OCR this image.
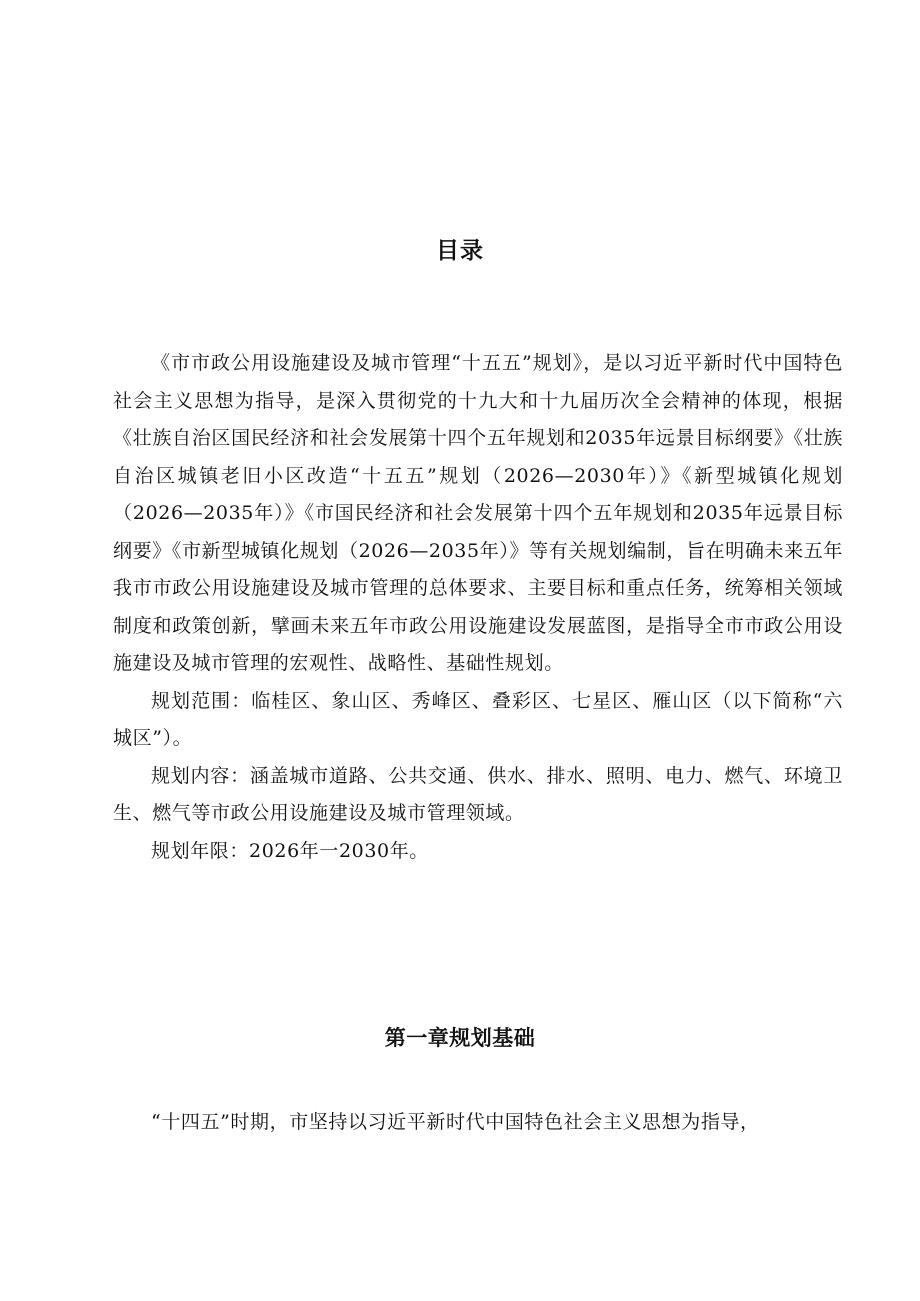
目录

《市市政公用设施建设及城市管理“十五五”规划》，是以习近平新时代中国特色社会主义思想为指导，是深入贯彻党的十九大和十九届历次全会精神的体现，根据《壮族自治区国民经济和社会发展第十四个五年规划和2035年远景目标纲要》《壮族自治区城镇老旧小区改造“十五五”规划（2026—2030年）》《新型城镇化规划（2026—2035年）》《市国民经济和社会发展第十四个五年规划和2035年远景目标纲要》《市新型城镇化规划（2026—2035年）》等有关规划编制，旨在明确未来五年我市市政公用设施建设及城市管理的总体要求、主要目标和重点任务，统筹相关领域制度和政策创新，擘画未来五年市政公用设施建设发展蓝图，是指导全市市政公用设施建设及城市管理的宏观性、战略性、基础性规划。

规划范围：临桂区、象山区、秀峰区、叠彩区、七星区、雁山区（以下简称“六城区”）。

规划内容：涵盖城市道路、公共交通、供水、排水、照明、电力、燃气、环境卫生、燃气等市政公用设施建设及城市管理领域。

规划年限：2026年一2030年。

第一章规划基础

“十四五”时期，市坚持以习近平新时代中国特色社会主义思想为指导，
